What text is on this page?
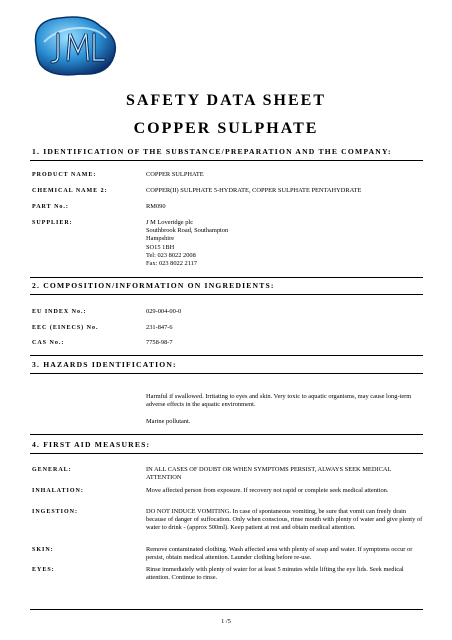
SAFETY DATA SHEET
COPPER SULPHATE
1. IDENTIFICATION OF THE SUBSTANCE/PREPARATION AND THE COMPANY:
PRODUCT NAME:	COPPER SULPHATE
CHEMICAL NAME 2:	COPPER(II) SULPHATE 5-HYDRATE, COPPER SULPHATE PENTAHYDRATE
PART No.:	RM090
SUPPLIER:	J M Loveridge plc
Southbrook Road, Southampton
Hampshire
SO15 1BH
Tel: 023 8022 2008
Fax: 023 8022 2117
2. COMPOSITION/INFORMATION ON INGREDIENTS:
EU INDEX No.:	029-004-00-0
EEC (EINECS) No.	231-847-6
CAS No.:	7758-98-7
3. HAZARDS IDENTIFICATION:
Harmful if swallowed. Irritating to eyes and skin. Very toxic to aquatic organisms, may cause long-term adverse effects in the aquatic environment.
Marine pollutant.
4. FIRST AID MEASURES:
GENERAL:	IN ALL CASES OF DOUBT OR WHEN SYMPTOMS PERSIST, ALWAYS SEEK MEDICAL ATTENTION
INHALATION:	Move affected person from exposure. If recovery not rapid or complete seek medical attention.
INGESTION:	DO NOT INDUCE VOMITING. In case of spontaneous vomiting, be sure that vomit can freely drain because of danger of suffocation. Only when conscious, rinse mouth with plenty of water and give plenty of water to drink - (approx 500ml). Keep patient at rest and obtain medical attention.
SKIN:	Remove contaminated clothing. Wash affected area with plenty of soap and water. If symptoms occur or persist, obtain medical attention. Launder clothing before re-use.
EYES:	Rinse immediately with plenty of water for at least 5 minutes while lifting the eye lids. Seek medical attention. Continue to rinse.
1 /5
